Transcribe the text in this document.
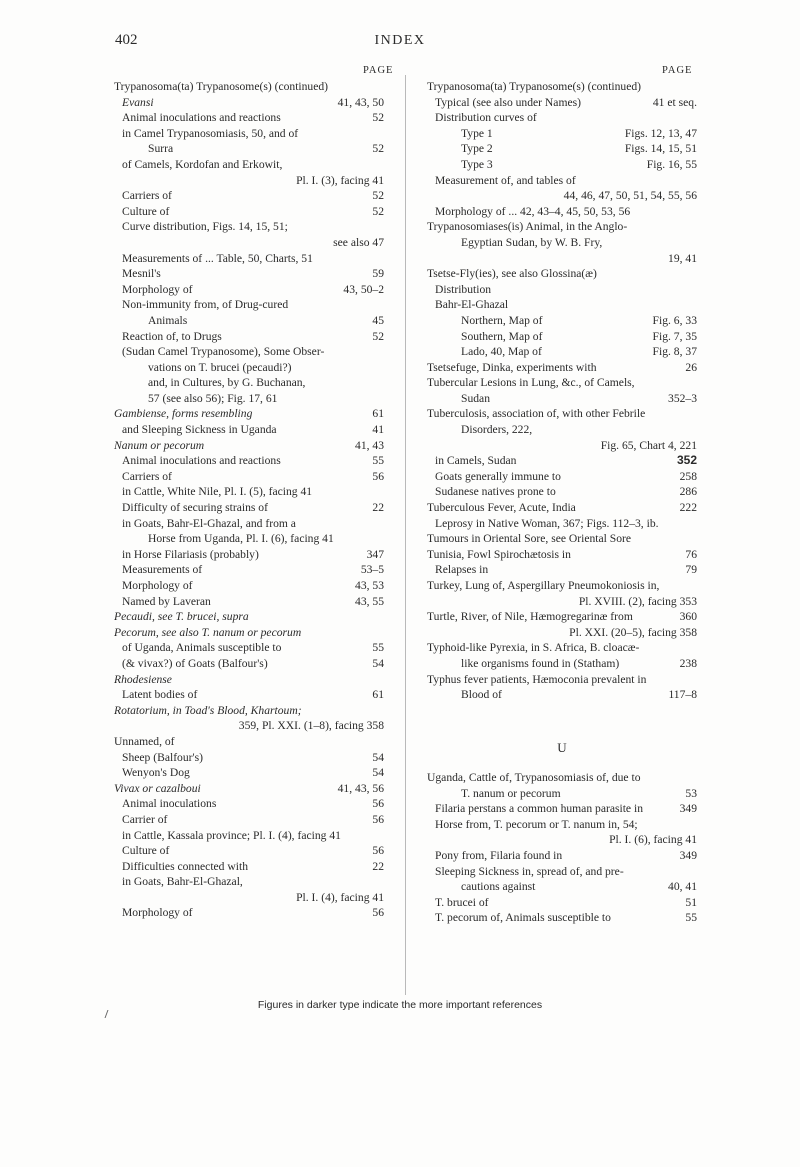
402	INDEX
PAGE	PAGE
Trypanosoma(ta) Trypanosome(s) (continued)
Evansi	41, 43, 50
Animal inoculations and reactions	52
in Camel Trypanosomiasis, 50, and of
Surra	52
of Camels, Kordofan and Erkowit,
Pl. I. (3), facing 41
Carriers of	52
Culture of	52
Curve distribution, Figs. 14, 15, 51;
see also 47
Measurements of ... Table, 50, Charts, 51
Mesnil's	59
Morphology of	43, 50–2
Non-immunity from, of Drug-cured
Animals	45
Reaction of, to Drugs	52
(Sudan Camel Trypanosome), Some Obser-
vations on T. brucei (pecaudi?)
and, in Cultures, by G. Buchanan,
57 (see also 56); Fig. 17, 61
Gambiense, forms resembling	61
and Sleeping Sickness in Uganda	41
Nanum or pecorum	41, 43
Animal inoculations and reactions	55
Carriers of	56
in Cattle, White Nile, Pl. I. (5), facing 41
Difficulty of securing strains of	22
in Goats, Bahr-El-Ghazal, and from a
Horse from Uganda, Pl. I. (6), facing 41
in Horse Filariasis (probably)	347
Measurements of	53–5
Morphology of	43, 53
Named by Laveran	43, 55
Pecaudi, see T. brucei, supra
Pecorum, see also T. nanum or pecorum
of Uganda, Animals susceptible to	55
(& vivax?) of Goats (Balfour's)	54
Rhodesiense
Latent bodies of	61
Rotatorium, in Toad's Blood, Khartoum;
359, Pl. XXI. (1–8), facing 358
Unnamed, of
Sheep (Balfour's)	54
Wenyon's Dog	54
Vivax or cazalboui	41, 43, 56
Animal inoculations	56
Carrier of	56
in Cattle, Kassala province; Pl. I. (4), facing 41
Culture of	56
Difficulties connected with	22
in Goats, Bahr-El-Ghazal,
Pl. I. (4), facing 41
Morphology of	56
Trypanosoma(ta) Trypanosome(s) (continued)
Typical (see also under Names)	41 et seq.
Distribution curves of
Type 1	Figs. 12, 13, 47
Type 2	Figs. 14, 15, 51
Type 3	Fig. 16, 55
Measurement of, and tables of
44, 46, 47, 50, 51, 54, 55, 56
Morphology of ... 42, 43–4, 45, 50, 53, 56
Trypanosomiases(is) Animal, in the Anglo-
Egyptian Sudan, by W. B. Fry,
19, 41
Tsetse-Fly(ies), see also Glossina(æ)
Distribution
Bahr-El-Ghazal
Northern, Map of	Fig. 6, 33
Southern, Map of	Fig. 7, 35
Lado, 40, Map of	Fig. 8, 37
Tsetsefuge, Dinka, experiments with	26
Tubercular Lesions in Lung, &c., of Camels,
Sudan	352–3
Tuberculosis, association of, with other Febrile
Disorders, 222,
Fig. 65, Chart 4, 221
in Camels, Sudan	352
Goats generally immune to	258
Sudanese natives prone to	286
Tuberculous Fever, Acute, India	222
Leprosy in Native Woman, 367; Figs. 112–3, ib.
Tumours in Oriental Sore, see Oriental Sore
Tunisia, Fowl Spirochætosis in	76
Relapses in	79
Turkey, Lung of, Aspergillary Pneumokoniosis in,
Pl. XVIII. (2), facing 353
Turtle, River, of Nile, Hæmogregarinæ from	360
Pl. XXI. (20–5), facing 358
Typhoid-like Pyrexia, in S. Africa, B. cloacæ-
like organisms found in (Statham)	238
Typhus fever patients, Hæmoconia prevalent in
Blood of	117–8
U
Uganda, Cattle of, Trypanosomiasis of, due to
T. nanum or pecorum	53
Filaria perstans a common human parasite in	349
Horse from, T. pecorum or T. nanum in, 54;
Pl. I. (6), facing 41
Pony from, Filaria found in	349
Sleeping Sickness in, spread of, and pre-
cautions against	40, 41
T. brucei of	51
T. pecorum of, Animals susceptible to	55
Figures in darker type indicate the more important references
